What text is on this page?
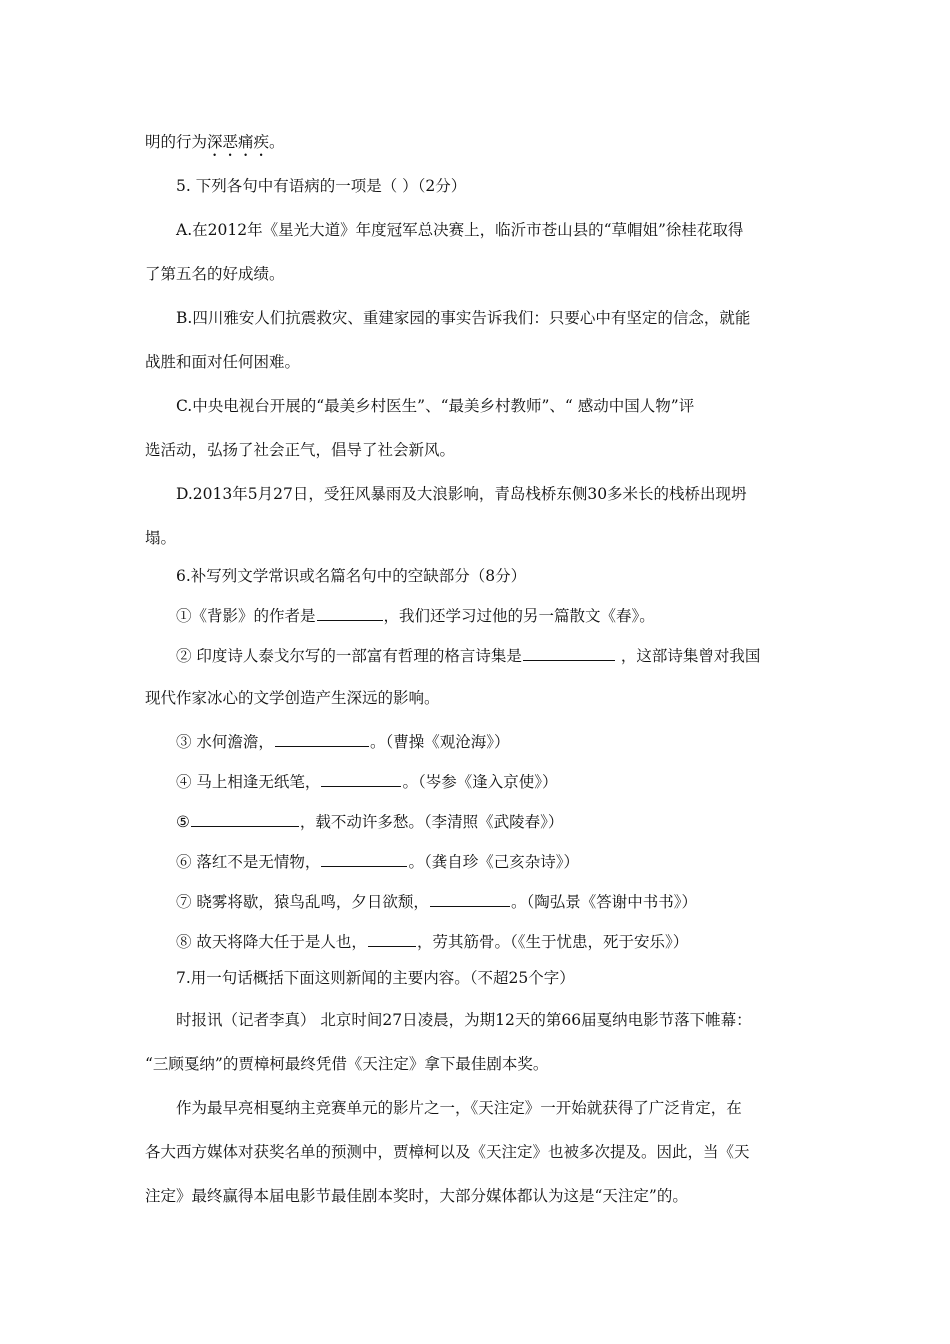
明的行为深恶痛疾。
5. 下列各句中有语病的一项是（ ）（2分）
A.在2012年《星光大道》年度冠军总决赛上，临沂市苍山县的“草帽姐”徐桂花取得
了第五名的好成绩。
B.四川雅安人们抗震救灾、重建家园的事实告诉我们：只要心中有坚定的信念，就能
战胜和面对任何困难。
C.中央电视台开展的“最美乡村医生”、“最美乡村教师”、“ 感动中国人物”评
选活动，弘扬了社会正气，倡导了社会新风。
D.2013年5月27日，受狂风暴雨及大浪影响，青岛栈桥东侧30多米长的栈桥出现坍
塌。
6.补写列文学常识或名篇名句中的空缺部分（8分）
①《背影》的作者是	，我们还学习过他的另一篇散文《春》。
② 印度诗人泰戈尔写的一部富有哲理的格言诗集是	，这部诗集曾对我国
现代作家冰心的文学创造产生深远的影响。
③ 水何澹澹，	。（曹操《观沧海》）
④ 马上相逢无纸笔，	。（岑参《逢入京使》）
⑤	，载不动许多愁。（李清照《武陵春》）
⑥ 落红不是无情物，	。（龚自珍《己亥杂诗》）
⑦ 晓雾将歇，猿鸟乱鸣，夕日欲颓，	。（陶弘景《答谢中书书》）
⑧ 故天将降大任于是人也，	，劳其筋骨。（《生于忧患，死于安乐》）
7.用一句话概括下面这则新闻的主要内容。（不超25个字）
时报讯（记者李真） 北京时间27日凌晨，为期12天的第66届戛纳电影节落下帷幕：
“三顾戛纳”的贾樟柯最终凭借《天注定》拿下最佳剧本奖。
作为最早亮相戛纳主竞赛单元的影片之一，《天注定》一开始就获得了广泛肯定，在
各大西方媒体对获奖名单的预测中，贾樟柯以及《天注定》也被多次提及。因此，当《天
注定》最终赢得本届电影节最佳剧本奖时，大部分媒体都认为这是“天注定”的。
